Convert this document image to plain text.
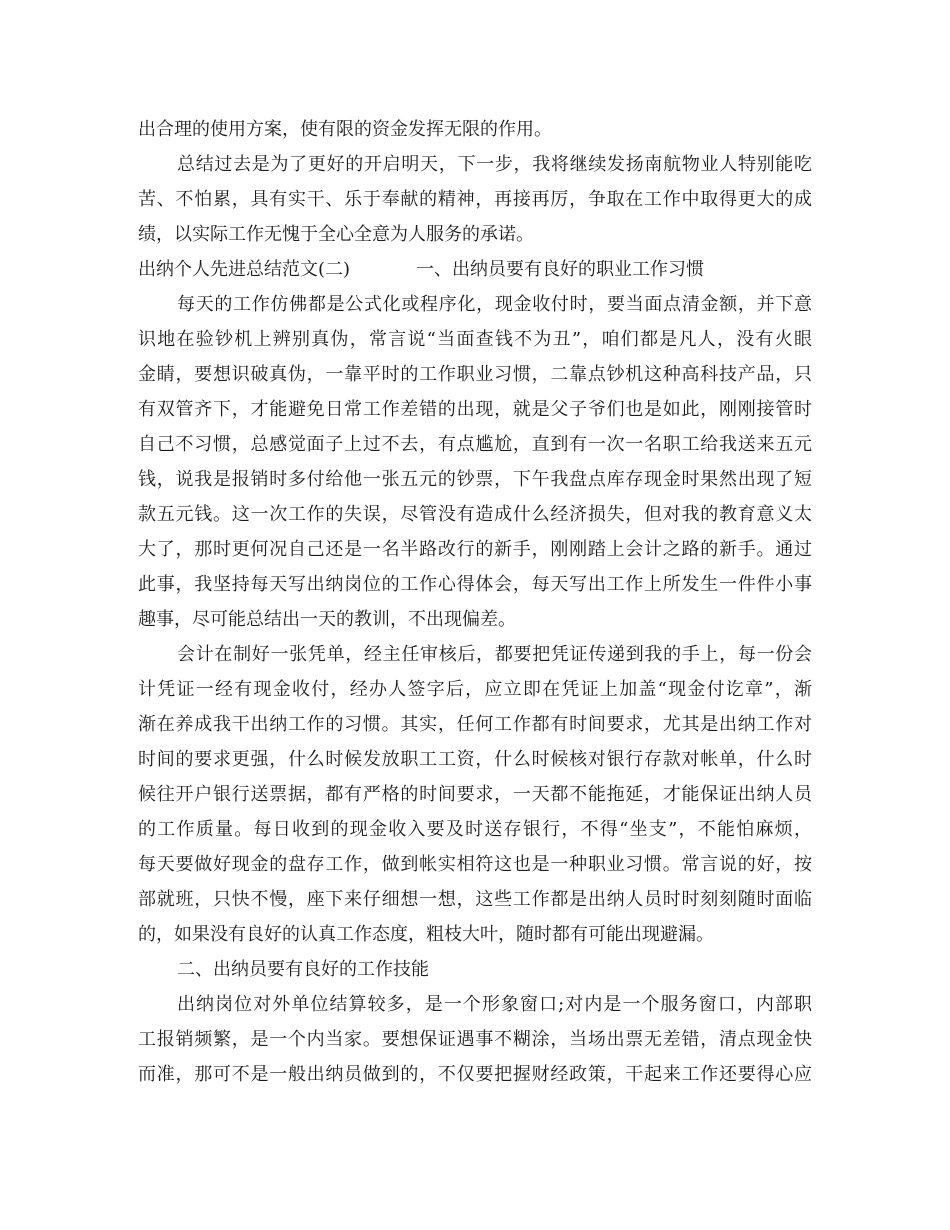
出合理的使用方案，使有限的资金发挥无限的作用。
总结过去是为了更好的开启明天，下一步，我将继续发扬南航物业人特别能吃
苦、不怕累，具有实干、乐于奉献的精神，再接再厉，争取在工作中取得更大的成
绩，以实际工作无愧于全心全意为人服务的承诺。
出纳个人先进总结范文(二)	一、出纳员要有良好的职业工作习惯
每天的工作仿佛都是公式化或程序化，现金收付时，要当面点清金额，并下意
识地在验钞机上辨别真伪，常言说“当面查钱不为丑”，咱们都是凡人，没有火眼
金睛，要想识破真伪，一靠平时的工作职业习惯，二靠点钞机这种高科技产品，只
有双管齐下，才能避免日常工作差错的出现，就是父子爷们也是如此，刚刚接管时
自己不习惯，总感觉面子上过不去，有点尴尬，直到有一次一名职工给我送来五元
钱，说我是报销时多付给他一张五元的钞票，下午我盘点库存现金时果然出现了短
款五元钱。这一次工作的失误，尽管没有造成什么经济损失，但对我的教育意义太
大了，那时更何况自己还是一名半路改行的新手，刚刚踏上会计之路的新手。通过
此事，我坚持每天写出纳岗位的工作心得体会，每天写出工作上所发生一件件小事
趣事，尽可能总结出一天的教训，不出现偏差。
会计在制好一张凭单，经主任审核后，都要把凭证传递到我的手上，每一份会
计凭证一经有现金收付，经办人签字后，应立即在凭证上加盖“现金付讫章”，渐
渐在养成我干出纳工作的习惯。其实，任何工作都有时间要求，尤其是出纳工作对
时间的要求更强，什么时候发放职工工资，什么时候核对银行存款对帐单，什么时
候往开户银行送票据，都有严格的时间要求，一天都不能拖延，才能保证出纳人员
的工作质量。每日收到的现金收入要及时送存银行，不得“坐支”，不能怕麻烦，
每天要做好现金的盘存工作，做到帐实相符这也是一种职业习惯。常言说的好，按
部就班，只快不慢，座下来仔细想一想，这些工作都是出纳人员时时刻刻随时面临
的，如果没有良好的认真工作态度，粗枝大叶，随时都有可能出现避漏。
二、出纳员要有良好的工作技能
出纳岗位对外单位结算较多，是一个形象窗口;对内是一个服务窗口，内部职
工报销频繁，是一个内当家。要想保证遇事不糊涂，当场出票无差错，清点现金快
而准，那可不是一般出纳员做到的，不仅要把握财经政策，干起来工作还要得心应
